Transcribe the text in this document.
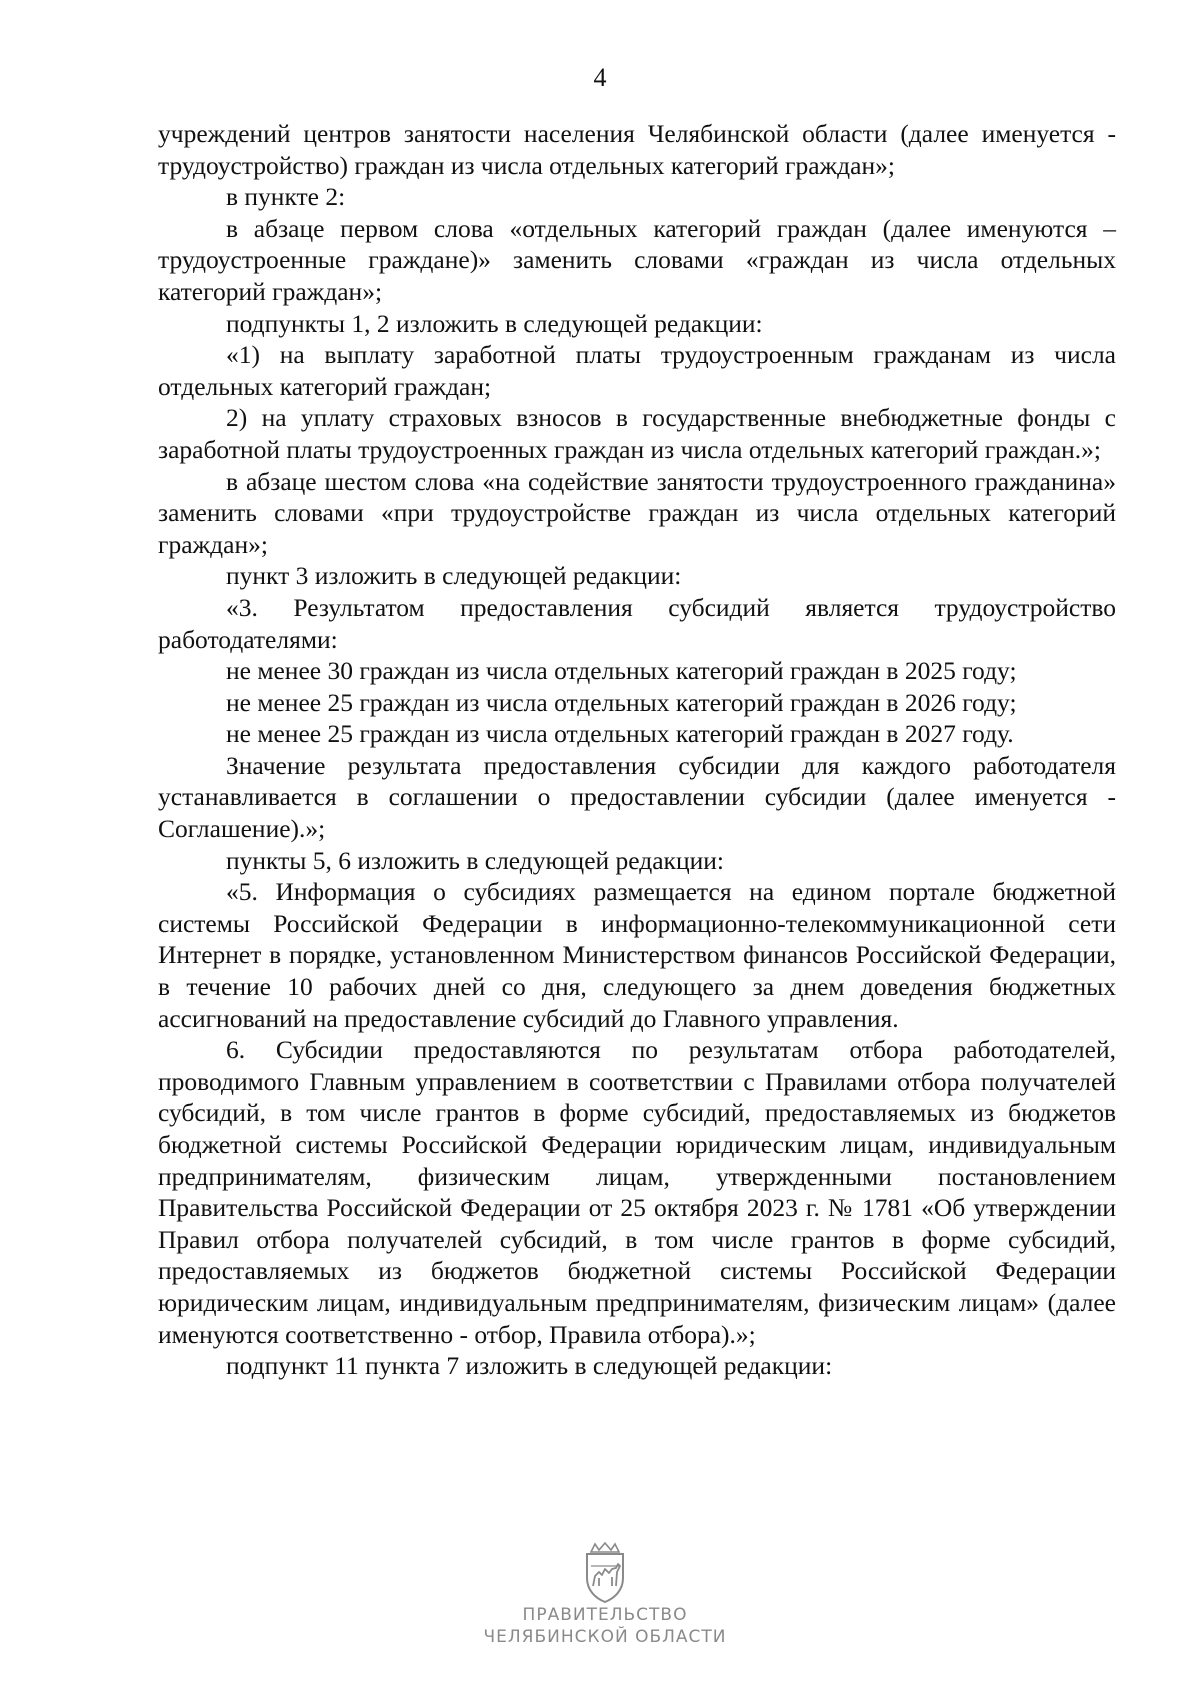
4

учреждений центров занятости населения Челябинской области (далее именуется - трудоустройство) граждан из числа отдельных категорий граждан»;

в пункте 2:

в абзаце первом слова «отдельных категорий граждан (далее именуются – трудоустроенные граждане)» заменить словами «граждан из числа отдельных категорий граждан»;

подпункты 1, 2 изложить в следующей редакции:

«1) на выплату заработной платы трудоустроенным гражданам из числа отдельных категорий граждан;

2) на уплату страховых взносов в государственные внебюджетные фонды с заработной платы трудоустроенных граждан из числа отдельных категорий граждан.»;

в абзаце шестом слова «на содействие занятости трудоустроенного гражданина» заменить словами «при трудоустройстве граждан из числа отдельных категорий граждан»;

пункт 3 изложить в следующей редакции:

«3. Результатом предоставления субсидий является трудоустройство работодателями:

не менее 30 граждан из числа отдельных категорий граждан в 2025 году;

не менее 25 граждан из числа отдельных категорий граждан в 2026 году;

не менее 25 граждан из числа отдельных категорий граждан в 2027 году.

Значение результата предоставления субсидии для каждого работодателя устанавливается в соглашении о предоставлении субсидии (далее именуется - Соглашение).»;

пункты 5, 6 изложить в следующей редакции:

«5. Информация о субсидиях размещается на едином портале бюджетной системы Российской Федерации в информационно-телекоммуникационной сети Интернет в порядке, установленном Министерством финансов Российской Федерации, в течение 10 рабочих дней со дня, следующего за днем доведения бюджетных ассигнований на предоставление субсидий до Главного управления.

6. Субсидии предоставляются по результатам отбора работодателей, проводимого Главным управлением в соответствии с Правилами отбора получателей субсидий, в том числе грантов в форме субсидий, предоставляемых из бюджетов бюджетной системы Российской Федерации юридическим лицам, индивидуальным предпринимателям, физическим лицам, утвержденными постановлением Правительства Российской Федерации от 25 октября 2023 г. № 1781 «Об утверждении Правил отбора получателей субсидий, в том числе грантов в форме субсидий, предоставляемых из бюджетов бюджетной системы Российской Федерации юридическим лицам, индивидуальным предпринимателям, физическим лицам» (далее именуются соответственно - отбор, Правила отбора).»;

подпункт 11 пункта 7 изложить в следующей редакции:

ПРАВИТЕЛЬСТВО
ЧЕЛЯБИНСКОЙ ОБЛАСТИ
